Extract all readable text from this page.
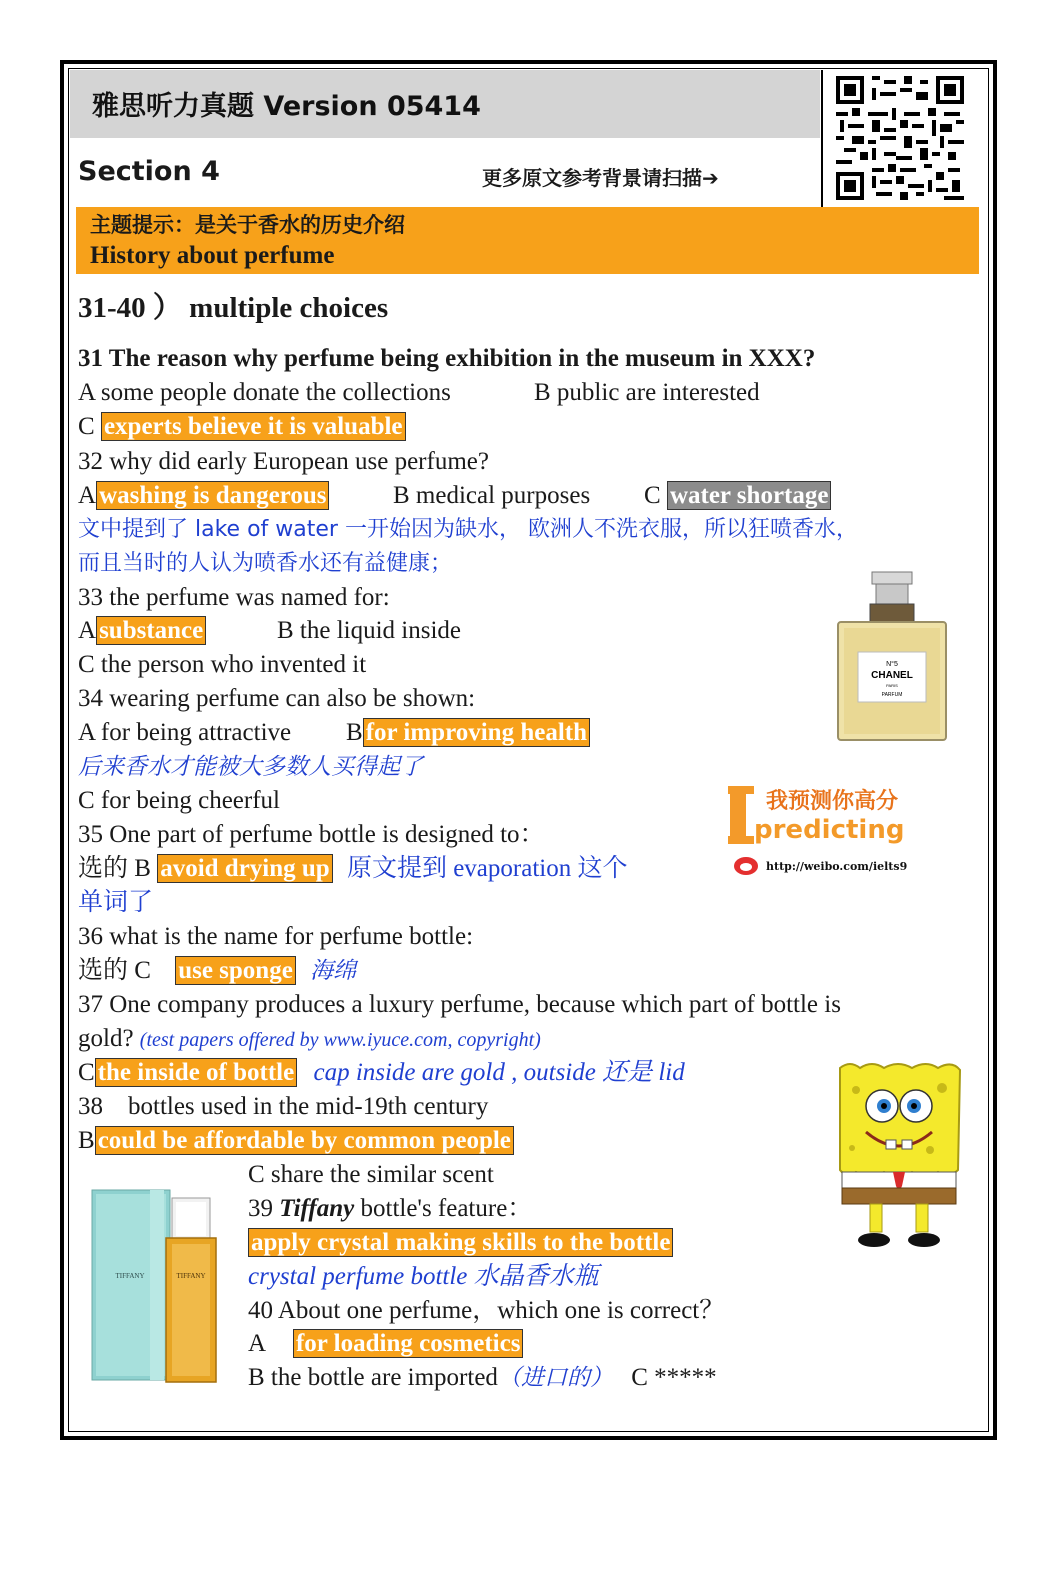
雅思听力真题 Version 05414
Section 4	更多原文参考背景请扫描➔
主题提示：是关于香水的历史介绍
History about perfume
31-40 ） multiple choices
31 The reason why perfume being exhibition in the museum in XXX?
A some people donate the collections	B public are interested
C experts believe it is valuable
32 why did early European use perfume?
A washing is dangerous	B medical purposes C water shortage
文中提到了 lake of water 一开始因为缺水， 欧洲人不洗衣服，所以狂喷香水，
而且当时的人认为喷香水还有益健康；
33 the perfume was named for:
A substance	B the liquid inside
C the person who invented it
34 wearing perfume can also be shown:
A for being attractive B for improving health
后来香水才能被大多数人买得起了
C for being cheerful
35 One part of perfume bottle is designed to：
选的 B avoid drying up 原文提到 evaporation 这个
单词了
36 what is the name for perfume bottle:
选的 C use sponge 海绵
37 One company produces a luxury perfume, because which part of bottle is
gold? (test papers offered by www.iyuce.com, copyright)
C the inside of bottle cap inside are gold , outside 还是 lid
38    bottles used in the mid-19th century
B could be affordable by common people
C share the similar scent
39 Tiffany bottle's feature：
apply crystal making skills to the bottle
crystal perfume bottle 水晶香水瓶
40 About one perfume，which one is correct？
A for loading cosmetics
B the bottle are imported（进口的） C *****
N°5
CHANEL
PARIS
PARFUM
我预测你高分
predicting
http://weibo.com/ielts9
TIFFANY	TIFFANY
